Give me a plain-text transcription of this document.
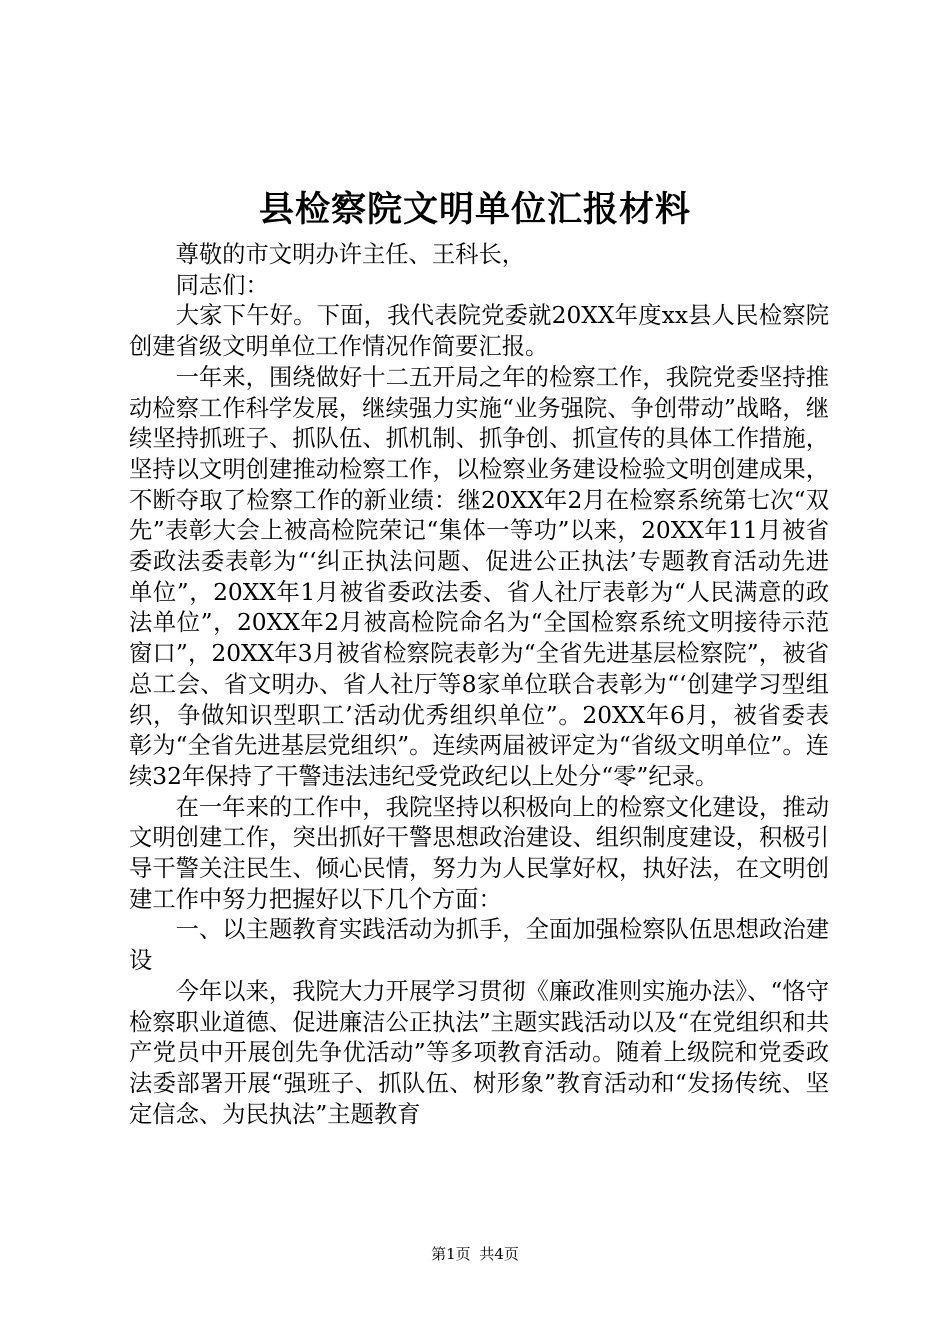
县检察院文明单位汇报材料

尊敬的市文明办许主任、王科长，

同志们：

大家下午好。下面，我代表院党委就20XX年度xx县人民检察院创建省级文明单位工作情况作简要汇报。

一年来，围绕做好十二五开局之年的检察工作，我院党委坚持推动检察工作科学发展，继续强力实施“业务强院、争创带动”战略，继续坚持抓班子、抓队伍、抓机制、抓争创、抓宣传的具体工作措施，坚持以文明创建推动检察工作，以检察业务建设检验文明创建成果，不断夺取了检察工作的新业绩：继20XX年2月在检察系统第七次“双先”表彰大会上被高检院荣记“集体一等功”以来，20XX年11月被省委政法委表彰为“‘纠正执法问题、促进公正执法’专题教育活动先进单位”，20XX年1月被省委政法委、省人社厅表彰为“人民满意的政法单位”，20XX年2月被高检院命名为“全国检察系统文明接待示范窗口”，20XX年3月被省检察院表彰为“全省先进基层检察院”，被省总工会、省文明办、省人社厅等8家单位联合表彰为“‘创建学习型组织，争做知识型职工’活动优秀组织单位”。20XX年6月，被省委表彰为“全省先进基层党组织”。连续两届被评定为“省级文明单位”。连续32年保持了干警违法违纪受党政纪以上处分“零”纪录。

在一年来的工作中，我院坚持以积极向上的检察文化建设，推动文明创建工作，突出抓好干警思想政治建设、组织制度建设，积极引导干警关注民生、倾心民情，努力为人民掌好权，执好法，在文明创建工作中努力把握好以下几个方面：

一、以主题教育实践活动为抓手，全面加强检察队伍思想政治建设

今年以来，我院大力开展学习贯彻《廉政准则实施办法》、“恪守检察职业道德、促进廉洁公正执法”主题实践活动以及“在党组织和共产党员中开展创先争优活动”等多项教育活动。随着上级院和党委政法委部署开展“强班子、抓队伍、树形象”教育活动和“发扬传统、坚定信念、为民执法”主题教育

第1页 共4页
